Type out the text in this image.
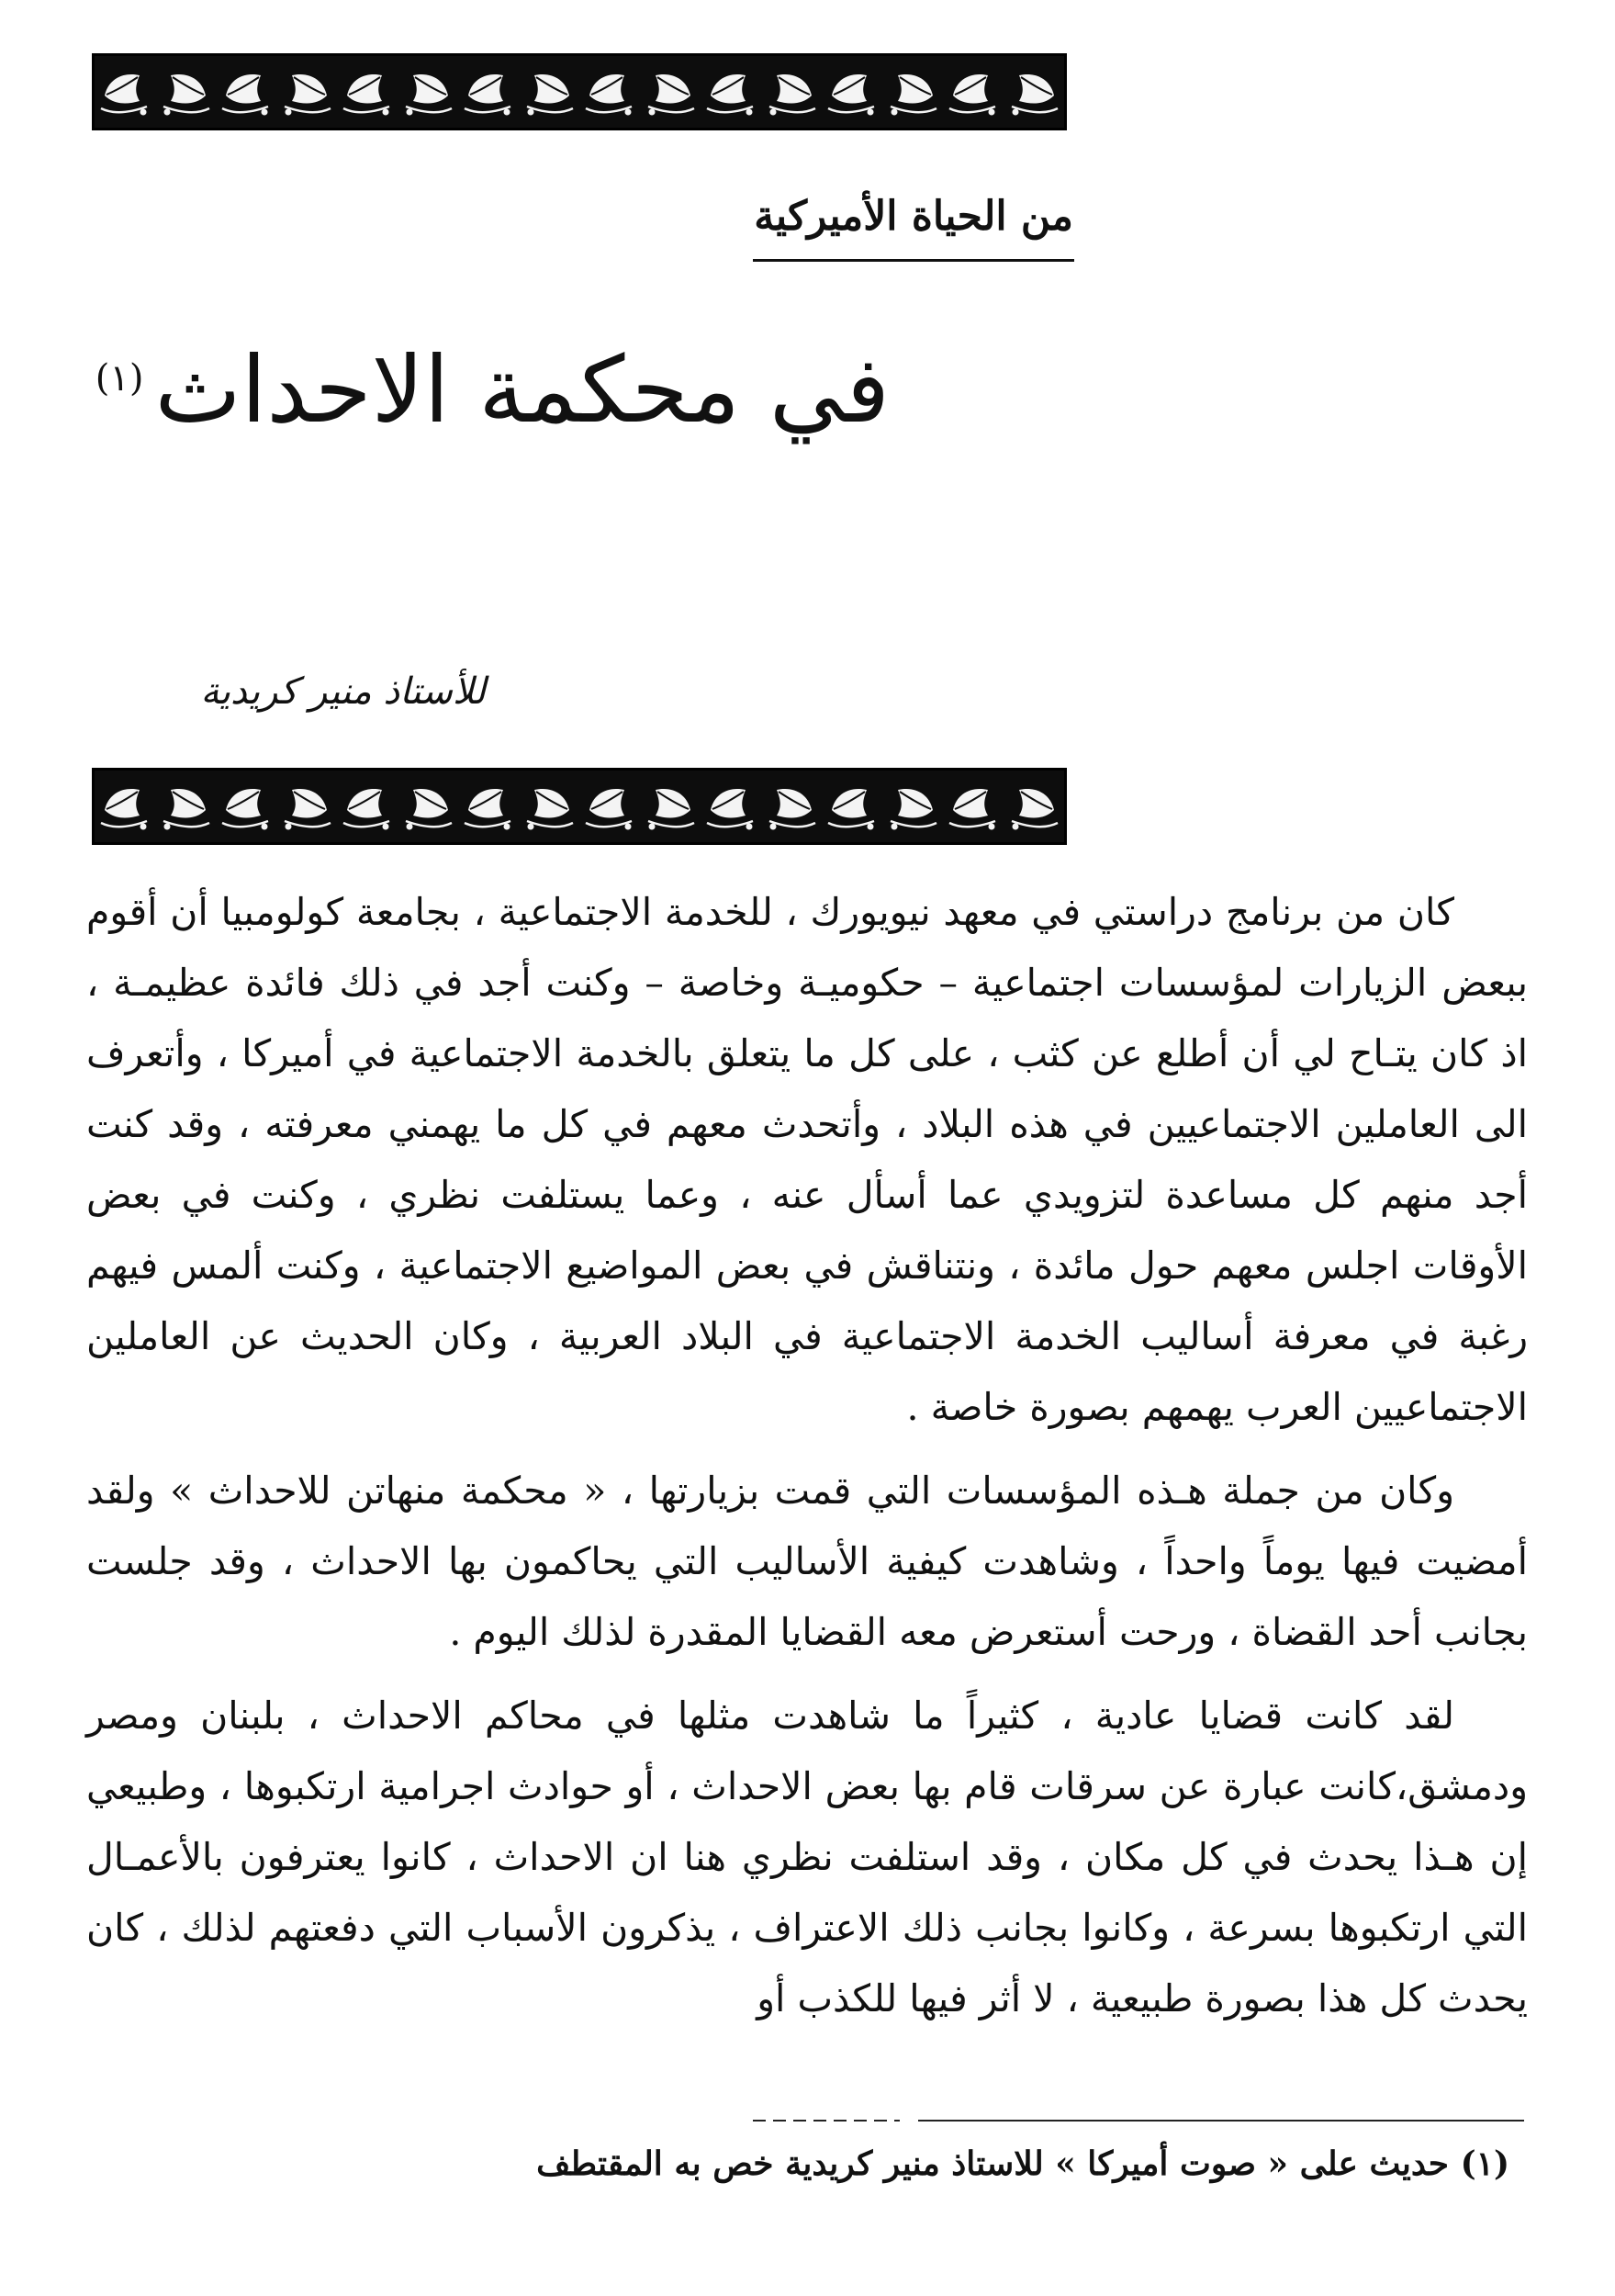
من الحياة الأميركية
في محكمة الاحداث$^{(١)}$

للأستاذ منير كريدية

كان من برنامج دراستي في معهد نيويورك ، للخدمة الاجتماعية ، بجامعة كولومبيا أن أقوم ببعض الزيارات لمؤسسات اجتماعية – حكوميـة وخاصة – وكنت أجد في ذلك فائدة عظيمـة ، اذ كان يتـاح لي أن أطلع عن كثب ، على كل ما يتعلق بالخدمة الاجتماعية في أميركا ، وأتعرف الى العاملين الاجتماعيين في هذه البلاد ، وأتحدث معهم في كل ما يهمني معرفته ، وقد كنت أجد منهم كل مساعدة لتزويدي عما أسأل عنه ، وعما يستلفت نظري ، وكنت في بعض الأوقات اجلس معهم حول مائدة ، ونتناقش في بعض المواضيع الاجتماعية ، وكنت ألمس فيهم رغبة في معرفة أساليب الخدمة الاجتماعية في البلاد العربية ، وكان الحديث عن العاملين الاجتماعيين العرب يهمهم بصورة خاصة .

وكان من جملة هـذه المؤسسات التي قمت بزيارتها ، « محكمة منهاتن للاحداث » ولقد أمضيت فيها يوماً واحداً ، وشاهدت كيفية الأساليب التي يحاكمون بها الاحداث ، وقد جلست بجانب أحد القضاة ، ورحت أستعرض معه القضايا المقدرة لذلك اليوم .

لقد كانت قضايا عادية ، كثيراً ما شاهدت مثلها في محاكم الاحداث ، بلبنان ومصر ودمشق،كانت عبارة عن سرقات قام بها بعض الاحداث ، أو حوادث اجرامية ارتكبوها ، وطبيعي إن هـذا يحدث في كل مكان ، وقد استلفت نظري هنا ان الاحداث ، كانوا يعترفون بالأعمـال التي ارتكبوها بسرعة ، وكانوا بجانب ذلك الاعتراف ، يذكرون الأسباب التي دفعتهم لذلك ، كان يحدث كل هذا بصورة طبيعية ، لا أثر فيها للكذب أو

(١) حديث على « صوت أميركا » للاستاذ منير كريدية خص به المقتطف
